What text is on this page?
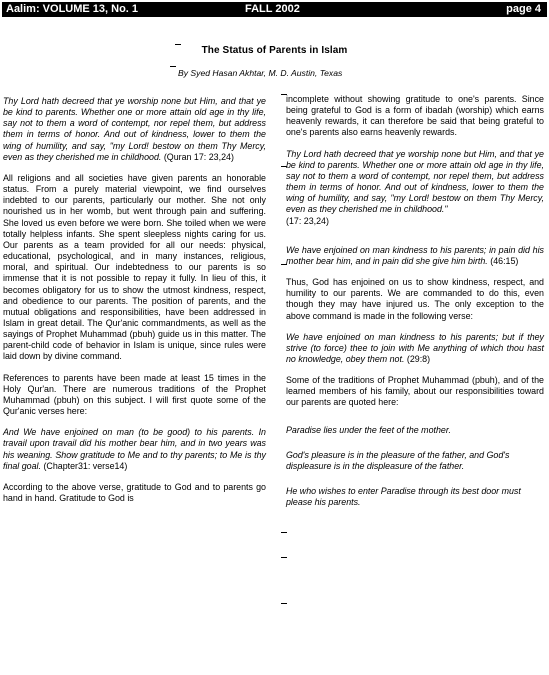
Aalim: VOLUME 13, No. 1	FALL 2002	page 4
The Status of Parents in Islam
By Syed Hasan Akhtar, M. D. Austin, Texas

Thy Lord hath decreed that ye worship none but Him, and that ye be kind to parents. Whether one or more attain old age in thy life, say not to them a word of contempt, nor repel them, but address them in terms of honor. And out of kindness, lower to them the wing of humility, and say, "my Lord! bestow on them Thy Mercy, even as they cherished me in childhood. (Quran 17: 23,24)

All religions and all societies have given parents an honorable status. From a purely material viewpoint, we find ourselves indebted to our parents, particularly our mother. She not only nourished us in her womb, but went through pain and suffering. She loved us even before we were born. She toiled when we were totally helpless infants. She spent sleepless nights caring for us. Our parents as a team provided for all our needs: physical, educational, psychological, and in many instances, religious, moral, and spiritual. Our indebtedness to our parents is so immense that it is not possible to repay it fully. In lieu of this, it becomes obligatory for us to show the utmost kindness, respect, and obedience to our parents. The position of parents, and the mutual obligations and responsibilities, have been addressed in Islam in great detail. The Qur'anic commandments, as well as the sayings of Prophet Muhammad (pbuh) guide us in this matter. The parent-child code of behavior in Islam is unique, since rules were laid down by divine command.

References to parents have been made at least 15 times in the Holy Qur'an. There are numerous traditions of the Prophet Muhammad (pbuh) on this subject. I will first quote some of the Qur'anic verses here:

And We have enjoined on man (to be good) to his parents. In travail upon travail did his mother bear him, and in two years was his weaning. Show gratitude to Me and to thy parents; to Me is thy final goal. (Chapter31: verse14)

According to the above verse, gratitude to God and to parents go hand in hand. Gratitude to God is

incomplete without showing gratitude to one's parents. Since being grateful to God is a form of ibadah (worship) which earns heavenly rewards, it can therefore be said that being grateful to one's parents also earns heavenly rewards.

Thy Lord hath decreed that ye worship none but Him, and that ye be kind to parents. Whether one or more attain old age in thy life, say not to them a word of contempt, nor repel them, but address them in terms of honor. And out of kindness, lower to them the wing of humility, and say, "my Lord! bestow on them Thy Mercy, even as they cherished me in childhood."

(17: 23,24)

We have enjoined on man kindness to his parents; in pain did his mother bear him, and in pain did she give him birth. (46:15)

Thus, God has enjoined on us to show kindness, respect, and humility to our parents. We are commanded to do this, even though they may have injured us. The only exception to the above command is made in the following verse:

We have enjoined on man kindness to his parents; but if they strive (to force) thee to join with Me anything of which thou hast no knowledge, obey them not. (29:8)

Some of the traditions of Prophet Muhammad (pbuh), and of the learned members of his family, about our responsibilities toward our parents are quoted here:

Paradise lies under the feet of the mother.

God's pleasure is in the pleasure of the father, and God's displeasure is in the displeasure of the father.

He who wishes to enter Paradise through its best door must please his parents.
